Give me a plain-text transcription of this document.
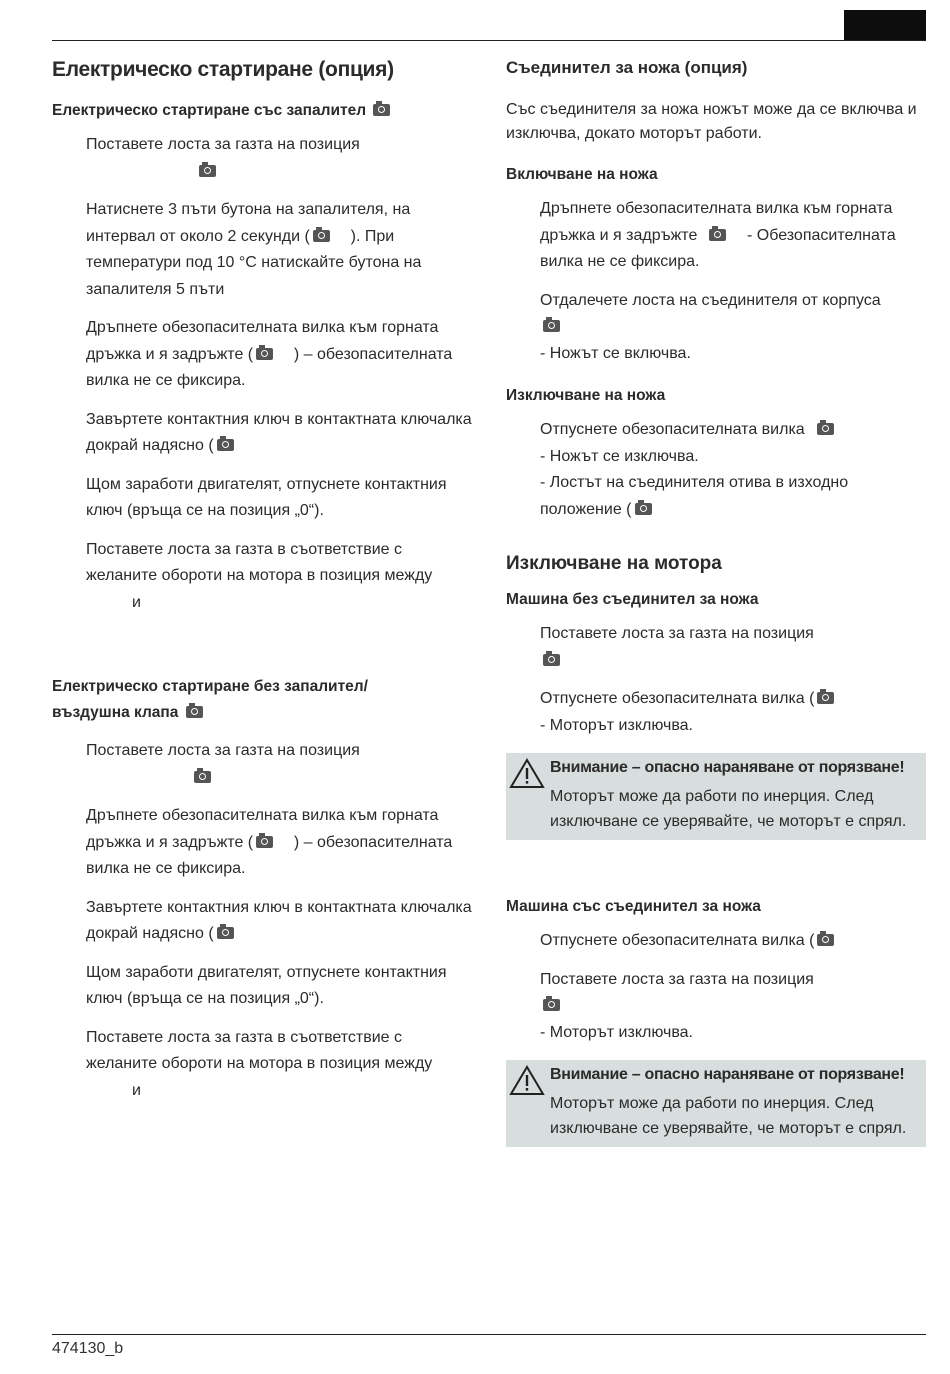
Електрическо стартиране (опция)
Електрическо стартиране със запалител
Поставете лоста за газта на позиция
Натиснете 3 пъти бутона на запалителя, на интервал от около 2 секунди (	). При температури под 10 °C натискайте бутона на запалителя 5 пъти
Дръпнете обезопасителната вилка към горната дръжка и я задръжте (	) – обезопасителната вилка не се фиксира.
Завъртете контактния ключ в контактната ключалка докрай надясно (
Щом заработи двигателят, отпуснете контактния ключ (връща се на позиция „0“).
Поставете лоста за газта в съответствие с желаните обороти на мотора в позиция между
и
Електрическо стартиране без запалител/
въздушна клапа
Поставете лоста за газта на позиция
Дръпнете обезопасителната вилка към горната дръжка и я задръжте (	) – обезопасителната вилка не се фиксира.
Завъртете контактния ключ в контактната ключалка докрай надясно (
Щом заработи двигателят, отпуснете контактния ключ (връща се на позиция „0“).
Поставете лоста за газта в съответствие с желаните обороти на мотора в позиция между
и
Съединител за ножа (опция)

Със съединителя за ножа ножът може да се включва и изключва, докато моторът работи.

Включване на ножа
Дръпнете обезопасителната вилка към горната дръжка и я задръжте	- Обезопасителната вилка не се фиксира.
Отдалечете лоста на съединителя от корпуса
- Ножът се включва.
Изключване на ножа
Отпуснете обезопасителната вилка
- Ножът се изключва.
- Лостът на съединителя отива в изходно положение (
Изключване на мотора
Машина без съединител за ножа
Поставете лоста за газта на позиция
Отпуснете обезопасителната вилка (
- Моторът изключва.
Внимание – опасно нараняване от порязване!
Моторът може да работи по инерция. След изключване се уверявайте, че моторът е спрял.
Машина със съединител за ножа
Отпуснете обезопасителната вилка (
Поставете лоста за газта на позиция
- Моторът изключва.
Внимание – опасно нараняване от порязване!
Моторът може да работи по инерция. След изключване се уверявайте, че моторът е спрял.
474130_b
